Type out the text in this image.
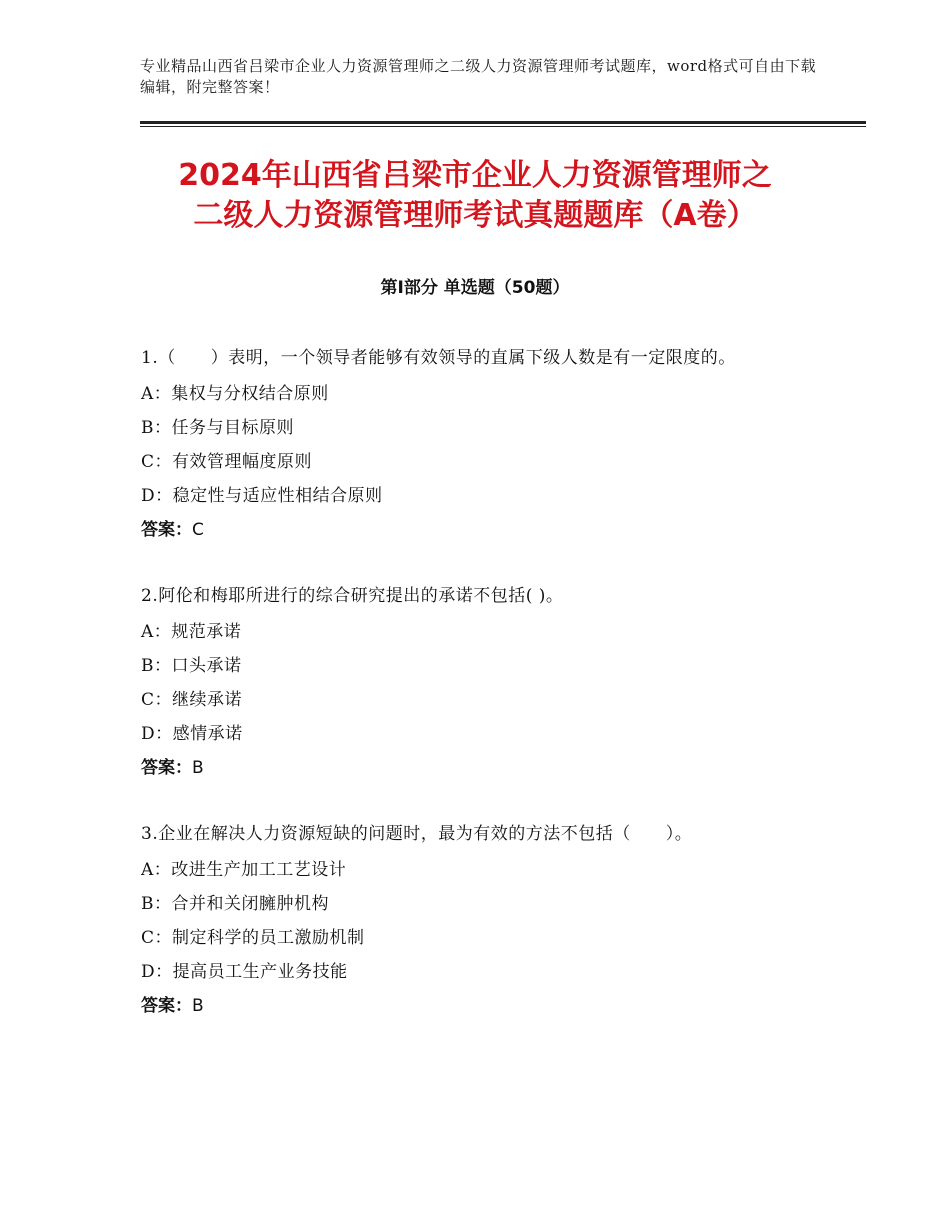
专业精品山西省吕梁市企业人力资源管理师之二级人力资源管理师考试题库，word格式可自由下载编辑，附完整答案！
2024年山西省吕梁市企业人力资源管理师之
二级人力资源管理师考试真题题库（A卷）
第Ⅰ部分 单选题（50题）
1.（　　）表明，一个领导者能够有效领导的直属下级人数是有一定限度的。
A：集权与分权结合原则
B：任务与目标原则
C：有效管理幅度原则
D：稳定性与适应性相结合原则
答案：C
2.阿伦和梅耶所进行的综合研究提出的承诺不包括( )。
A：规范承诺
B：口头承诺
C：继续承诺
D：感情承诺
答案：B
3.企业在解决人力资源短缺的问题时，最为有效的方法不包括（　　）。
A：改进生产加工工艺设计
B：合并和关闭臃肿机构
C：制定科学的员工激励机制
D：提高员工生产业务技能
答案：B
